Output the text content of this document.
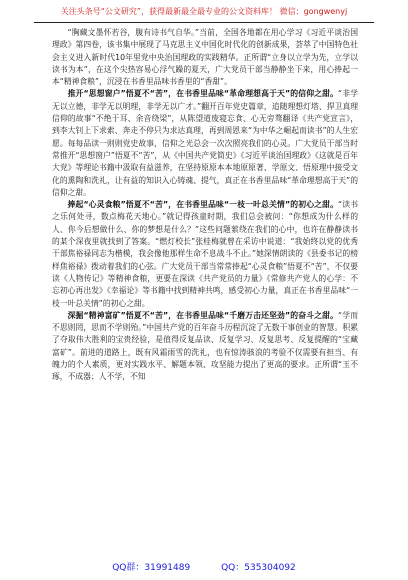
关注头条号“公文研究”，获得最新最全最专业的公文资料库！ 微信：gongwenyj

“胸藏文墨怀若谷，腹有诗书气自华。”当前，全国各地都在用心学习《习近平谈治国理政》第四卷，该书集中展现了马克思主义中国化时代化的创新成果，荟萃了中国特色社会主义进入新时代10年里党中央治国理政的实践精华。正所谓“立身以立学为先，立学以读书为本”，在这个尖热容易心浮气躁的夏天，广大党员干部当静静坐下来，用心捧起一本“精神食粮”，沉浸在书香里品味书香里的“香甜”。

推开“思想窗户”悟夏不“苦”，在书香里品味“革命理想高于天”的信仰之甜。“非学无以立德，非学无以明理，非学无以广才。”翻开百年党史篇章，追随理想灯塔、捍卫真理信仰的故事“不绝于耳、余音绕梁”，从陈望道废寝忘食、心无旁骛翻译《共产党宣言》，到李大钊上下求索、奔走不停只为求达真理，再到周恩来“为中华之崛起而读书”的人生宏愿。每每品读一则则党史故事，信仰之光总会一次次照亮我们的心灵。广大党员干部当时常推开“思想窗户”悟夏不“苦”，从《中国共产党简史》《习近平谈治国理政》《这就是百年大党》等理论书籍中汲取有益滋养，在坚持原原本本地原原著、学原文、悟原理中接受文化的熏陶和洗礼，让有益的知识入心铸魂、提气，真正在书香里品味“革命理想高于天”的信仰之甜。

捧起“心灵食粮”悟夏不“苦”，在书香里品味“一枝一叶总关情”的初心之甜。“读书之乐何处寻，数点梅花天地心。”就记得孩童时期，我们总会被问：“你想成为什么样的人、你今后想做什么、你的梦想是什么？”这些问题萦绕在我们的心中，也许在静静读书的某个深夜里就找到了答案。“燃灯校长”张桂梅就曾在采访中说道：“我始终以党的优秀干部焦裕禄同志为楷模，我会像他那样生命不息战斗不止。”她深情朗读的《县委书记的榜样焦裕禄》拨动着我们的心弦。广大党员干部当常常捧起“心灵食粮”悟夏不“苦”，不仅要读《人物传记》等精神食粮，更要在深读《共产党员的力量》《常修共产党人的心学：不忘初心再出发》《幸福论》等书籍中找到精神共鸣，感受初心力量，真正在书香里品味“一枝一叶总关情”的初心之甜。

深掘“精神富矿”悟夏不“苦”，在书香里品味“千磨万击还坚劲”的奋斗之甜。“学而不思则罔，思而不学则殆。”中国共产党的百年奋斗历程沉淀了无数干事创业的智慧。积累了夺取伟大胜利的宝贵经验，是值得反复品读、反复学习、反复思考、反复提醒的“宝藏富矿”。前进的道路上，既有风霜雨雪的洗礼，也有惊涛骇浪的考验不仅需要有担当、有魄力的个人素质，更对实践水平、解题本领、攻坚能力提出了更高的要求。正所谓“玉不琢，不成器；人不学，不知

QQ群：31991489	QQ：535304092
